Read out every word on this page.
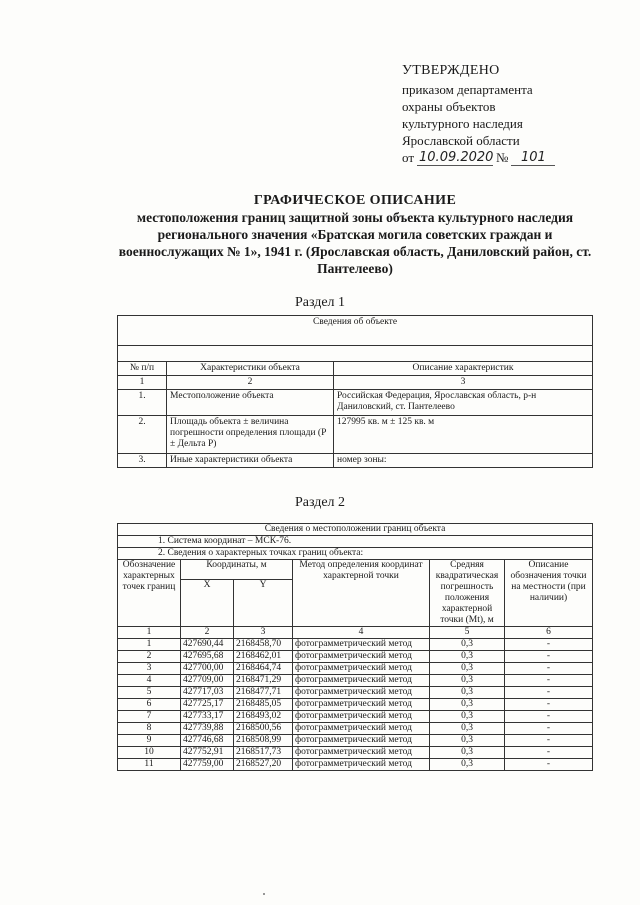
УТВЕРЖДЕНО
приказом департамента
охраны объектов
культурного наследия
Ярославской области
от 10.09.2020 № 101
ГРАФИЧЕСКОЕ ОПИСАНИЕ
местоположения границ защитной зоны объекта культурного наследия регионального значения «Братская могила советских граждан и военнослужащих № 1», 1941 г. (Ярославская область, Даниловский район, ст. Пантелеево)
Раздел 1
Сведения об объекте		

№ п/п	Характеристики объекта	Описание характеристик
1	2	3
1.	Местоположение объекта	Российская Федерация, Ярославская область, р-н Даниловский, ст. Пантелеево
2.	Площадь объекта ± величина погрешности определения площади (P ± Дельта P)	127995 кв. м ± 125 кв. м
3.	Иные характеристики объекта	номер зоны:
Раздел 2
Сведения о местоположении границ объекта					
1. Система координат – МСК-76.					
2. Сведения о характерных точках границ объекта:					
Обозначение характерных точек границ	Координаты, м		Метод определения координат характерной точки	Средняя квадратическая погрешность положения характерной точки (Mt), м	Описание обозначения точки на местности (при наличии)
	X	Y			
1	2	3	4	5	6
1	427690,44	2168458,70	фотограмметрический метод	0,3	-
2	427695,68	2168462,01	фотограмметрический метод	0,3	-
3	427700,00	2168464,74	фотограмметрический метод	0,3	-
4	427709,00	2168471,29	фотограмметрический метод	0,3	-
5	427717,03	2168477,71	фотограмметрический метод	0,3	-
6	427725,17	2168485,05	фотограмметрический метод	0,3	-
7	427733,17	2168493,02	фотограмметрический метод	0,3	-
8	427739,88	2168500,56	фотограмметрический метод	0,3	-
9	427746,68	2168508,99	фотограмметрический метод	0,3	-
10	427752,91	2168517,73	фотограмметрический метод	0,3	-
11	427759,00	2168527,20	фотограмметрический метод	0,3	-
